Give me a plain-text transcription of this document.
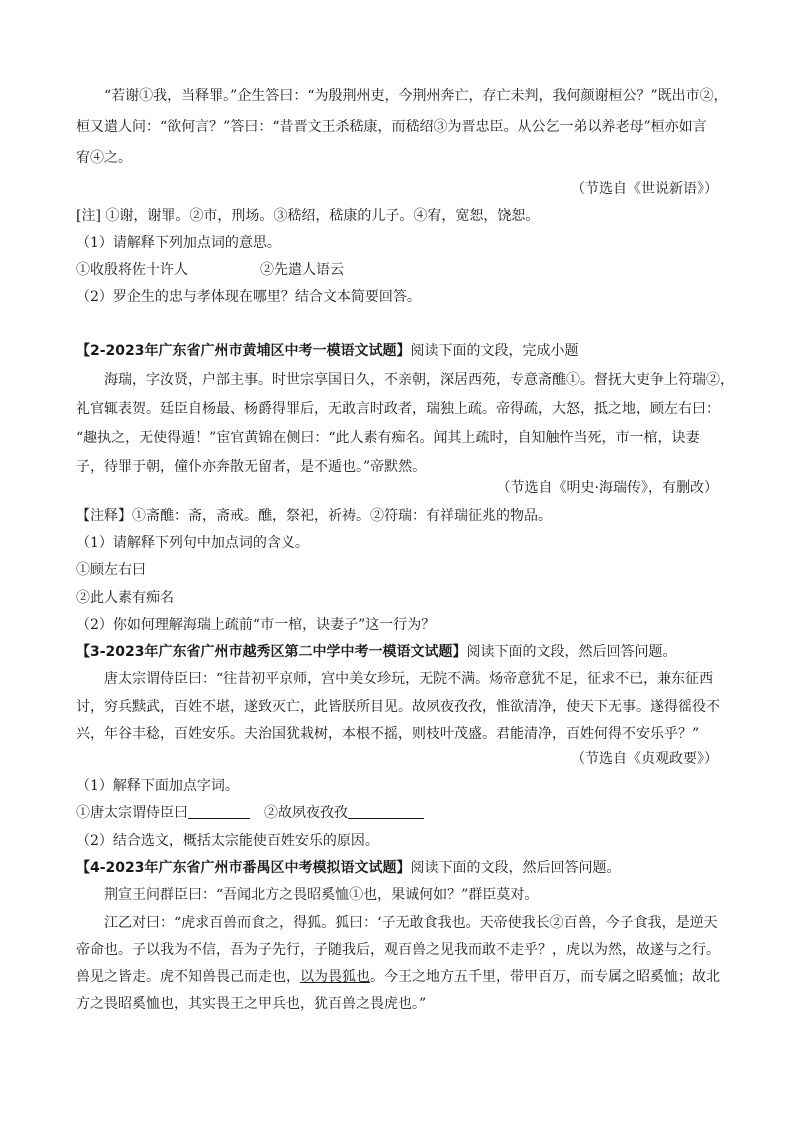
“若谢①我，当释罪。”企生答曰：“为殷荆州吏，今荆州奔亡，存亡未判，我何颜谢桓公？”既出市②，
桓又遣人问：“欲何言？”答曰：“昔晋文王杀嵇康，而嵇绍③为晋忠臣。从公乞一弟以养老母”桓亦如言
宥④之。
（节选自《世说新语》）
[注] ①谢，谢罪。②市，刑场。③嵇绍，嵇康的儿子。④宥，宽恕，饶恕。
（1）请解释下列加点词的意思。
①收殷将佐十许人	②先遣人语云
（2）罗企生的忠与孝体现在哪里？结合文本简要回答。
【2-2023年广东省广州市黄埔区中考一模语文试题】阅读下面的文段，完成小题
海瑞，字汝贤，户部主事。时世宗享国日久，不亲朝，深居西苑，专意斋醮①。督抚大吏争上符瑞②，
礼官辄表贺。廷臣自杨最、杨爵得罪后，无敢言时政者，瑞独上疏。帝得疏，大怒，抵之地，顾左右曰：
“趣执之，无使得遁！”宦官黄锦在侧曰：“此人素有痴名。闻其上疏时，自知触忤当死，市一棺，诀妻
子，待罪于朝，僮仆亦奔散无留者，是不遁也。”帝默然。
（节选自《明史·海瑞传》，有删改）
【注释】①斋醮：斋，斋戒。醮，祭祀，祈祷。②符瑞：有祥瑞征兆的物品。
（1）请解释下列句中加点词的含义。
①顾左右曰
②此人素有痴名
（2）你如何理解海瑞上疏前“市一棺，诀妻子”这一行为？
【3-2023年广东省广州市越秀区第二中学中考一模语文试题】阅读下面的文段，然后回答问题。
唐太宗谓侍臣曰：“往昔初平京师，宫中美女珍玩，无院不满。炀帝意犹不足，征求不已，兼东征西
讨，穷兵黩武，百姓不堪，遂致灭亡，此皆朕所目见。故夙夜孜孜，惟欲清净，使天下无事。遂得徭役不
兴，年谷丰稔，百姓安乐。夫治国犹栽树，本根不摇，则枝叶茂盛。君能清净，百姓何得不安乐乎？”
（节选自《贞观政要》）
（1）解释下面加点字词。
①唐太宗谓侍臣曰	②故夙夜孜孜
（2）结合选文，概括太宗能使百姓安乐的原因。
【4-2023年广东省广州市番禺区中考模拟语文试题】阅读下面的文段，然后回答问题。
荆宣王问群臣曰：“吾闻北方之畏昭奚恤①也，果诚何如？”群臣莫对。
江乙对曰：“虎求百兽而食之，得狐。狐曰：‘子无敢食我也。天帝使我长②百兽，今子食我，是逆天
帝命也。子以我为不信，吾为子先行，子随我后，观百兽之见我而敢不走乎？，虎以为然，故遂与之行。
兽见之皆走。虎不知兽畏己而走也，以为畏狐也。今王之地方五千里，带甲百万，而专属之昭奚恤；故北
方之畏昭奚恤也，其实畏王之甲兵也，犹百兽之畏虎也。”
